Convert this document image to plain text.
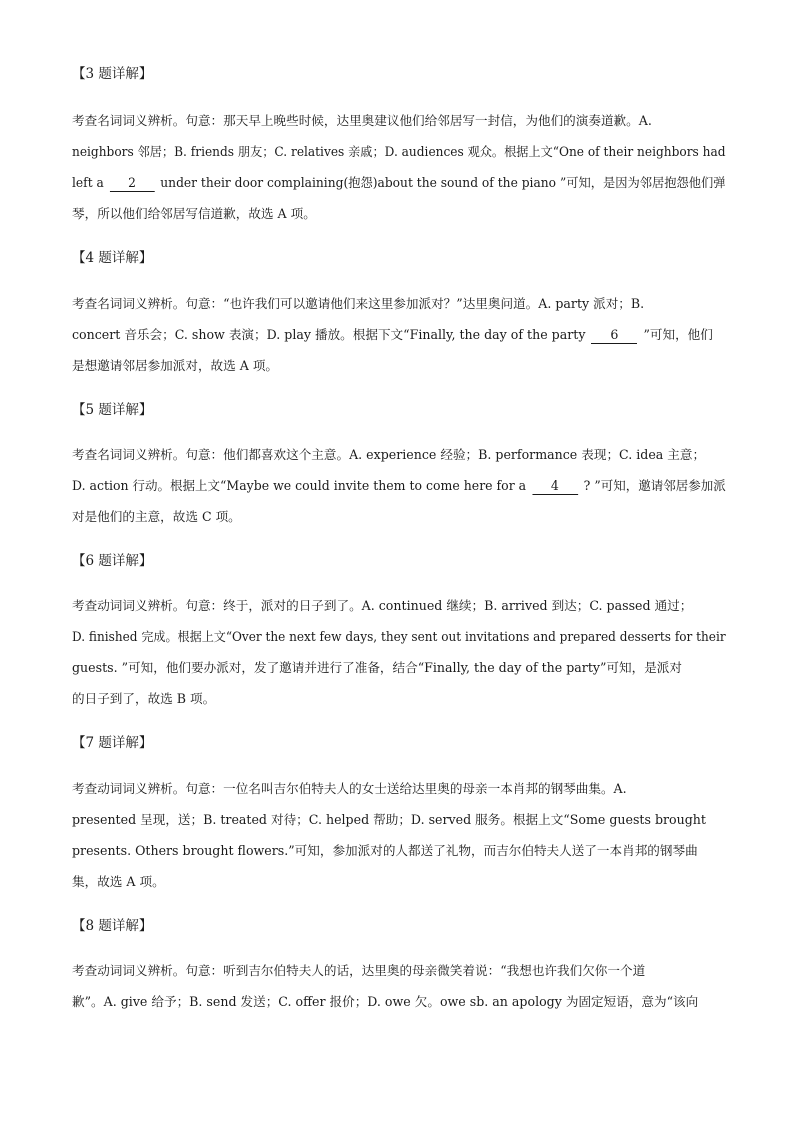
【3 题详解】
考查名词词义辨析。句意：那天早上晚些时候，达里奥建议他们给邻居写一封信，为他们的演奏道歉。A.
neighbors 邻居；B. friends 朋友；C. relatives 亲戚；D. audiences 观众。根据上文“One of their neighbors had
left a 2 under their door complaining(抱怨)about the sound of the piano ”可知，是因为邻居抱怨他们弹
琴，所以他们给邻居写信道歉，故选 A 项。
【4 题详解】
考查名词词义辨析。句意：“也许我们可以邀请他们来这里参加派对？”达里奥问道。A. party 派对；B.
concert 音乐会；C. show 表演；D. play 播放。根据下文“Finally, the day of the party 6 ”可知，他们
是想邀请邻居参加派对，故选 A 项。
【5 题详解】
考查名词词义辨析。句意：他们都喜欢这个主意。A. experience 经验；B. performance 表现；C. idea 主意；
D. action 行动。根据上文“Maybe we could invite them to come here for a 4 ? ”可知，邀请邻居参加派
对是他们的主意，故选 C 项。
【6 题详解】
考查动词词义辨析。句意：终于，派对的日子到了。A. continued 继续；B. arrived 到达；C. passed 通过；
D. finished 完成。根据上文“Over the next few days, they sent out invitations and prepared desserts for their
guests. ”可知，他们要办派对，发了邀请并进行了准备，结合“Finally, the day of the party”可知，是派对
的日子到了，故选 B 项。
【7 题详解】
考查动词词义辨析。句意：一位名叫吉尔伯特夫人的女士送给达里奥的母亲一本肖邦的钢琴曲集。A.
presented 呈现，送；B. treated 对待；C. helped 帮助；D. served 服务。根据上文“Some guests brought
presents. Others brought flowers.”可知，参加派对的人都送了礼物，而吉尔伯特夫人送了一本肖邦的钢琴曲
集，故选 A 项。
【8 题详解】
考查动词词义辨析。句意：听到吉尔伯特夫人的话，达里奥的母亲微笑着说：“我想也许我们欠你一个道
歉”。A. give 给予；B. send 发送；C. offer 报价；D. owe 欠。owe sb. an apology 为固定短语，意为“该向
